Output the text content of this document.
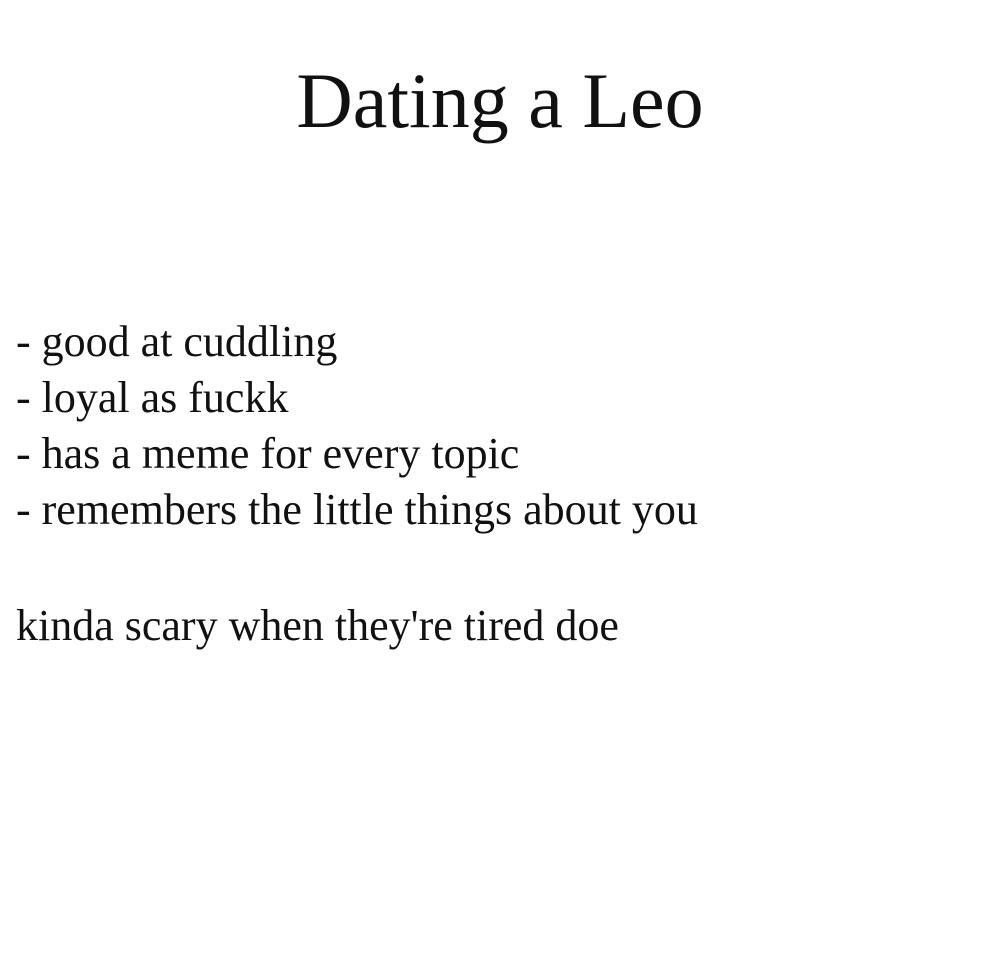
Dating a Leo
- good at cuddling
- loyal as fuckk
- has a meme for every topic
- remembers the little things about you

kinda scary when they're tired doe
